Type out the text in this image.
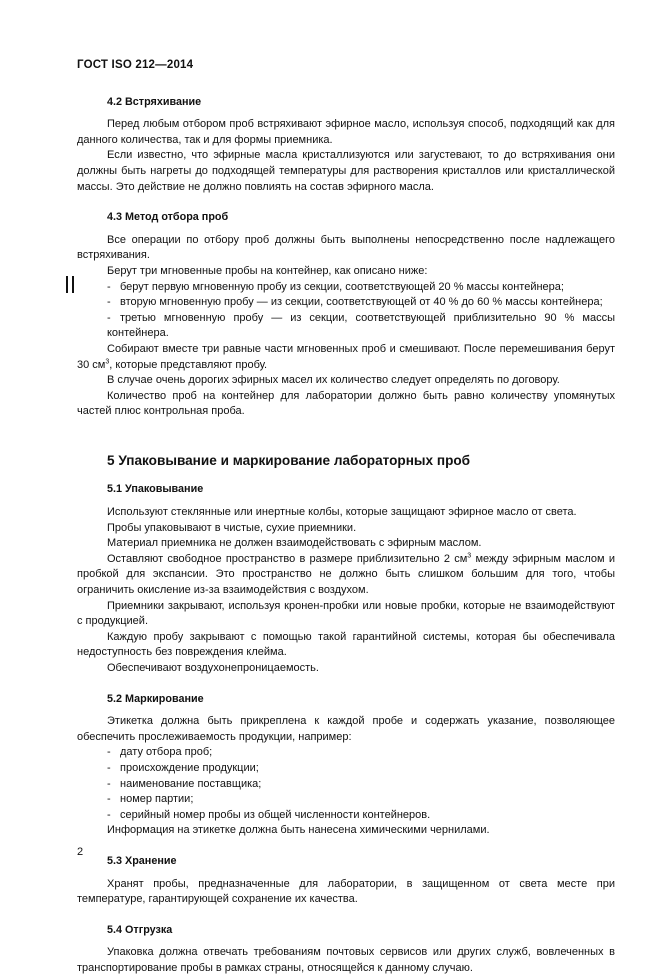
ГОСТ ISO 212—2014
4.2 Встряхивание

Перед любым отбором проб встряхивают эфирное масло, используя способ, подходящий как для данного количества, так и для формы приемника.

Если известно, что эфирные масла кристаллизуются или загустевают, то до встряхивания они должны быть нагреты до подходящей температуры для растворения кристаллов или кристаллической массы. Это действие не должно повлиять на состав эфирного масла.

4.3 Метод отбора проб

Все операции по отбору проб должны быть выполнены непосредственно после надлежащего встряхивания.

Берут три мгновенные пробы на контейнер, как описано ниже:

- берут первую мгновенную пробу из секции, соответствующей 20 % массы контейнера;

- вторую мгновенную пробу — из секции, соответствующей от 40 % до 60 % массы контейнера;

- третью мгновенную пробу — из секции, соответствующей приблизительно 90 % массы контейнера.

Собирают вместе три равные части мгновенных проб и смешивают. После перемешивания берут 30 $см^3$, которые представляют пробу.

В случае очень дорогих эфирных масел их количество следует определять по договору.

Количество проб на контейнер для лаборатории должно быть равно количеству упомянутых частей плюс контрольная проба.

5 Упаковывание и маркирование лабораторных проб
5.1 Упаковывание

Используют стеклянные или инертные колбы, которые защищают эфирное масло от света.

Пробы упаковывают в чистые, сухие приемники.

Материал приемника не должен взаимодействовать с эфирным маслом.

Оставляют свободное пространство в размере приблизительно 2 $см^3$ между эфирным маслом и пробкой для экспансии. Это пространство не должно быть слишком большим для того, чтобы ограничить окисление из-за взаимодействия с воздухом.

Приемники закрывают, используя кронен-пробки или новые пробки, которые не взаимодействуют с продукцией.

Каждую пробу закрывают с помощью такой гарантийной системы, которая бы обеспечивала недоступность без повреждения клейма.

Обеспечивают воздухонепроницаемость.

5.2 Маркирование

Этикетка должна быть прикреплена к каждой пробе и содержать указание, позволяющее обеспечить прослеживаемость продукции, например:

- дату отбора проб;

- происхождение продукции;

- наименование поставщика;

- номер партии;

- серийный номер пробы из общей численности контейнеров.

Информация на этикетке должна быть нанесена химическими чернилами.

5.3 Хранение

Хранят пробы, предназначенные для лаборатории, в защищенном от света месте при температуре, гарантирующей сохранение их качества.

5.4 Отгрузка

Упаковка должна отвечать требованиям почтовых сервисов или других служб, вовлеченных в транспортирование пробы в рамках страны, относящейся к данному случаю.

2
